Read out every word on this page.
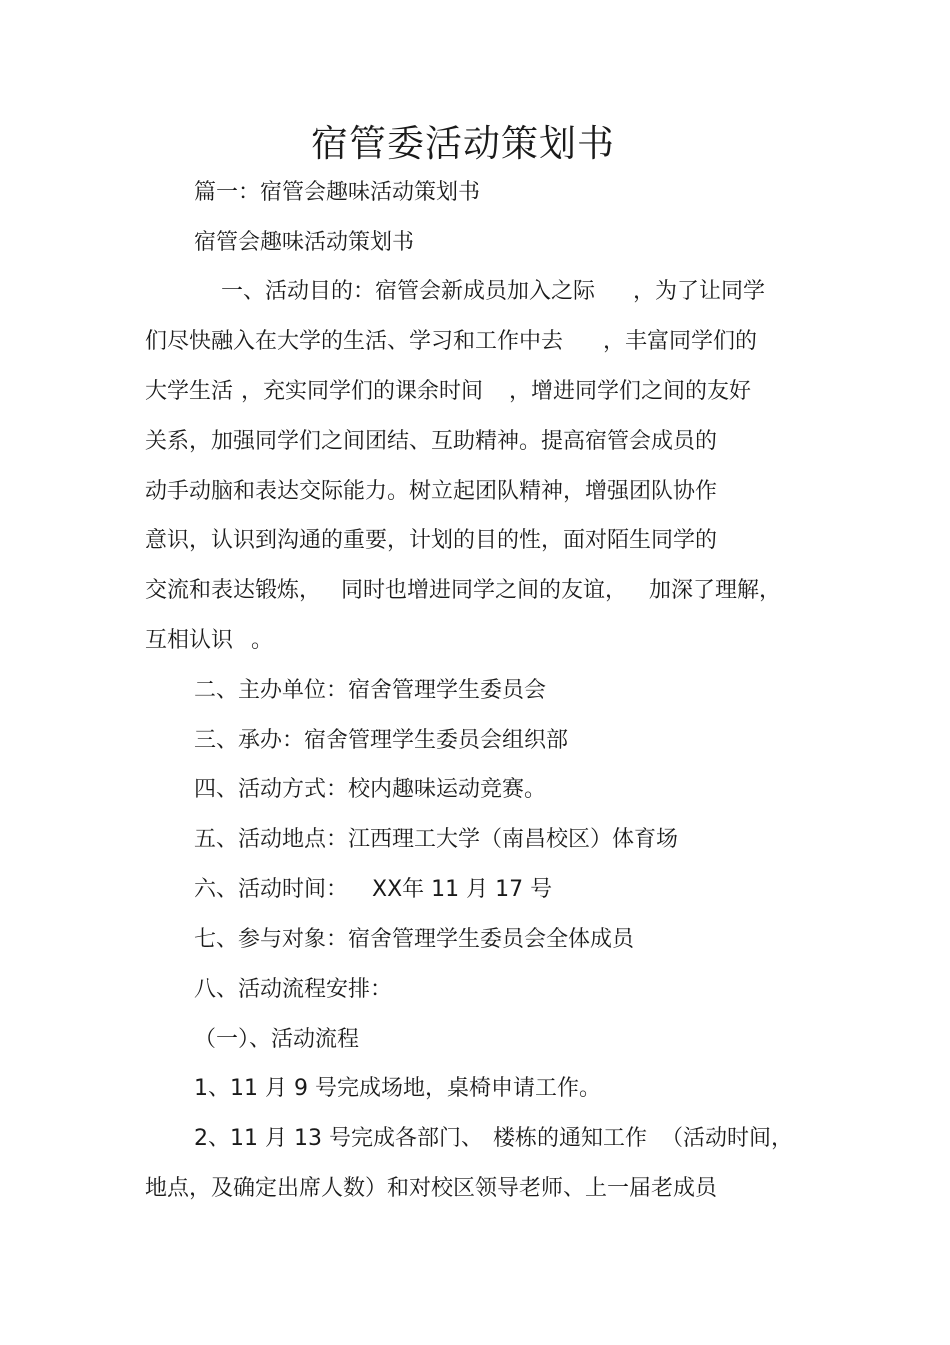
宿管委活动策划书

篇一：宿管会趣味活动策划书

宿管会趣味活动策划书

一、活动目的：宿管会新成员加入之际 ，为了让同学

们尽快融入在大学的生活、学习和工作中去 ，丰富同学们的

大学生活 ，充实同学们的课余时间 ，增进同学们之间的友好

关系，加强同学们之间团结、互助精神。提高宿管会成员的

动手动脑和表达交际能力。树立起团队精神，增强团队协作

意识，认识到沟通的重要，计划的目的性，面对陌生同学的

交流和表达锻炼， 同时也增进同学之间的友谊， 加深了理解，

互相认识 。

二、主办单位：宿舍管理学生委员会

三、承办：宿舍管理学生委员会组织部

四、活动方式：校内趣味运动竞赛。

五、活动地点：江西理工大学（南昌校区）体育场

六、活动时间： XX年 11 月 17 号

七、参与对象：宿舍管理学生委员会全体成员

八、活动流程安排：

（一）、活动流程

1、11 月 9 号完成场地，桌椅申请工作。

2、11 月 13 号完成各部门、 楼栋的通知工作 （活动时间，

地点，及确定出席人数）和对校区领导老师、上一届老成员
